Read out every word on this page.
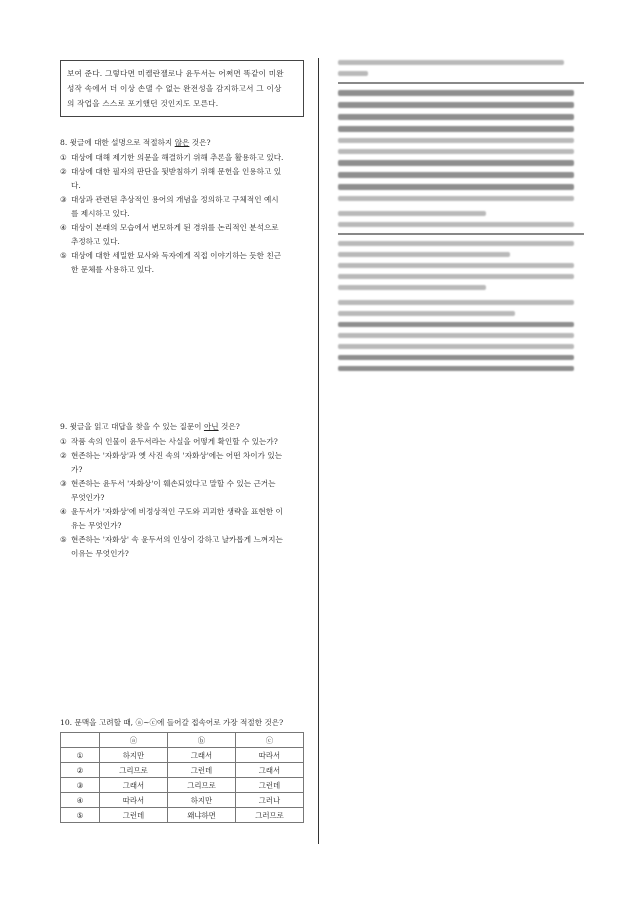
보여 준다. 그렇다면 미켈란젤로나 윤두서는 어쩌면 똑같이 미완
성작 속에서 더 이상 손댈 수 없는 완전성을 감지하고서 그 이상
의 작업을 스스로 포기했던 것인지도 모른다.
8. 윗글에 대한 설명으로 적절하지 않은 것은?
① 대상에 대해 제기한 의문을 해결하기 위해 추론을 활용하고 있다.
② 대상에 대한 필자의 판단을 뒷받침하기 위해 문헌을 인용하고 있
다.
③ 대상과 관련된 추상적인 용어의 개념을 정의하고 구체적인 예시
를 제시하고 있다.
④ 대상이 본래의 모습에서 변모하게 된 경위를 논리적인 분석으로
추정하고 있다.
⑤ 대상에 대한 세밀한 묘사와 독자에게 직접 이야기하는 듯한 친근
한 문체를 사용하고 있다.
9. 윗글을 읽고 대답을 찾을 수 있는 질문이 아닌 것은?
① 작품 속의 인물이 윤두서라는 사실을 어떻게 확인할 수 있는가?
② 현존하는 '자화상'과 옛 사진 속의 '자화상'에는 어떤 차이가 있는
가?
③ 현존하는 윤두서 '자화상'이 훼손되었다고 말할 수 있는 근거는
무엇인가?
④ 윤두서가 '자화상'에 비정상적인 구도와 괴괴한 생략을 표현한 이
유는 무엇인가?
⑤ 현존하는 '자화상' 속 윤두서의 인상이 강하고 날카롭게 느껴지는
이유는 무엇인가?
10. 문맥을 고려할 때, ⓐ~ⓒ에 들어갈 접속어로 가장 적절한 것은?
	ⓐ	ⓑ	ⓒ
①	하지만	그래서	따라서
②	그리므로	그런데	그래서
③	그래서	그리므로	그런데
④	따라서	하지만	그러나
⑤	그런데	왜냐하면	그러므로
